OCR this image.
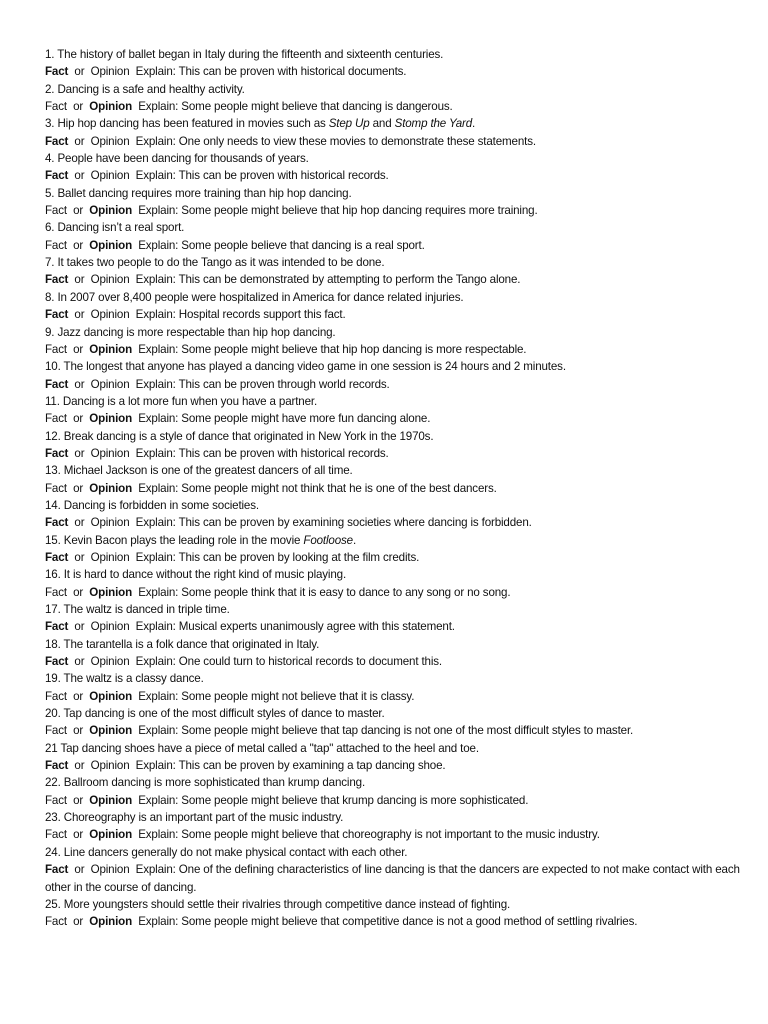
1. The history of ballet began in Italy during the fifteenth and sixteenth centuries.
Fact or Opinion Explain: This can be proven with historical documents.
2. Dancing is a safe and healthy activity.
Fact or Opinion Explain: Some people might believe that dancing is dangerous.
3. Hip hop dancing has been featured in movies such as Step Up and Stomp the Yard.
Fact or Opinion Explain: One only needs to view these movies to demonstrate these statements.
4. People have been dancing for thousands of years.
Fact or Opinion Explain: This can be proven with historical records.
5. Ballet dancing requires more training than hip hop dancing.
Fact or Opinion Explain: Some people might believe that hip hop dancing requires more training.
6. Dancing isn’t a real sport.
Fact or Opinion Explain: Some people believe that dancing is a real sport.
7. It takes two people to do the Tango as it was intended to be done.
Fact or Opinion Explain: This can be demonstrated by attempting to perform the Tango alone.
8. In 2007 over 8,400 people were hospitalized in America for dance related injuries.
Fact or Opinion Explain: Hospital records support this fact.
9. Jazz dancing is more respectable than hip hop dancing.
Fact or Opinion Explain: Some people might believe that hip hop dancing is more respectable.
10. The longest that anyone has played a dancing video game in one session is 24 hours and 2 minutes.
Fact or Opinion Explain: This can be proven through world records.
11. Dancing is a lot more fun when you have a partner.
Fact or Opinion Explain: Some people might have more fun dancing alone.
12. Break dancing is a style of dance that originated in New York in the 1970s.
Fact or Opinion Explain: This can be proven with historical records.
13. Michael Jackson is one of the greatest dancers of all time.
Fact or Opinion Explain: Some people might not think that he is one of the best dancers.
14. Dancing is forbidden in some societies.
Fact or Opinion Explain: This can be proven by examining societies where dancing is forbidden.
15. Kevin Bacon plays the leading role in the movie Footloose.
Fact or Opinion Explain: This can be proven by looking at the film credits.
16. It is hard to dance without the right kind of music playing.
Fact or Opinion Explain: Some people think that it is easy to dance to any song or no song.
17. The waltz is danced in triple time.
Fact or Opinion Explain: Musical experts unanimously agree with this statement.
18. The tarantella is a folk dance that originated in Italy.
Fact or Opinion Explain: One could turn to historical records to document this.
19. The waltz is a classy dance.
Fact or Opinion Explain: Some people might not believe that it is classy.
20. Tap dancing is one of the most difficult styles of dance to master.
Fact or Opinion Explain: Some people might believe that tap dancing is not one of the most difficult styles to master.
21 Tap dancing shoes have a piece of metal called a "tap" attached to the heel and toe.
Fact or Opinion Explain: This can be proven by examining a tap dancing shoe.
22. Ballroom dancing is more sophisticated than krump dancing.
Fact or Opinion Explain: Some people might believe that krump dancing is more sophisticated.
23. Choreography is an important part of the music industry.
Fact or Opinion Explain: Some people might believe that choreography is not important to the music industry.
24. Line dancers generally do not make physical contact with each other.
Fact or Opinion Explain: One of the defining characteristics of line dancing is that the dancers are expected to not make contact with each other in the course of dancing.
25. More youngsters should settle their rivalries through competitive dance instead of fighting.
Fact or Opinion Explain: Some people might believe that competitive dance is not a good method of settling rivalries.
